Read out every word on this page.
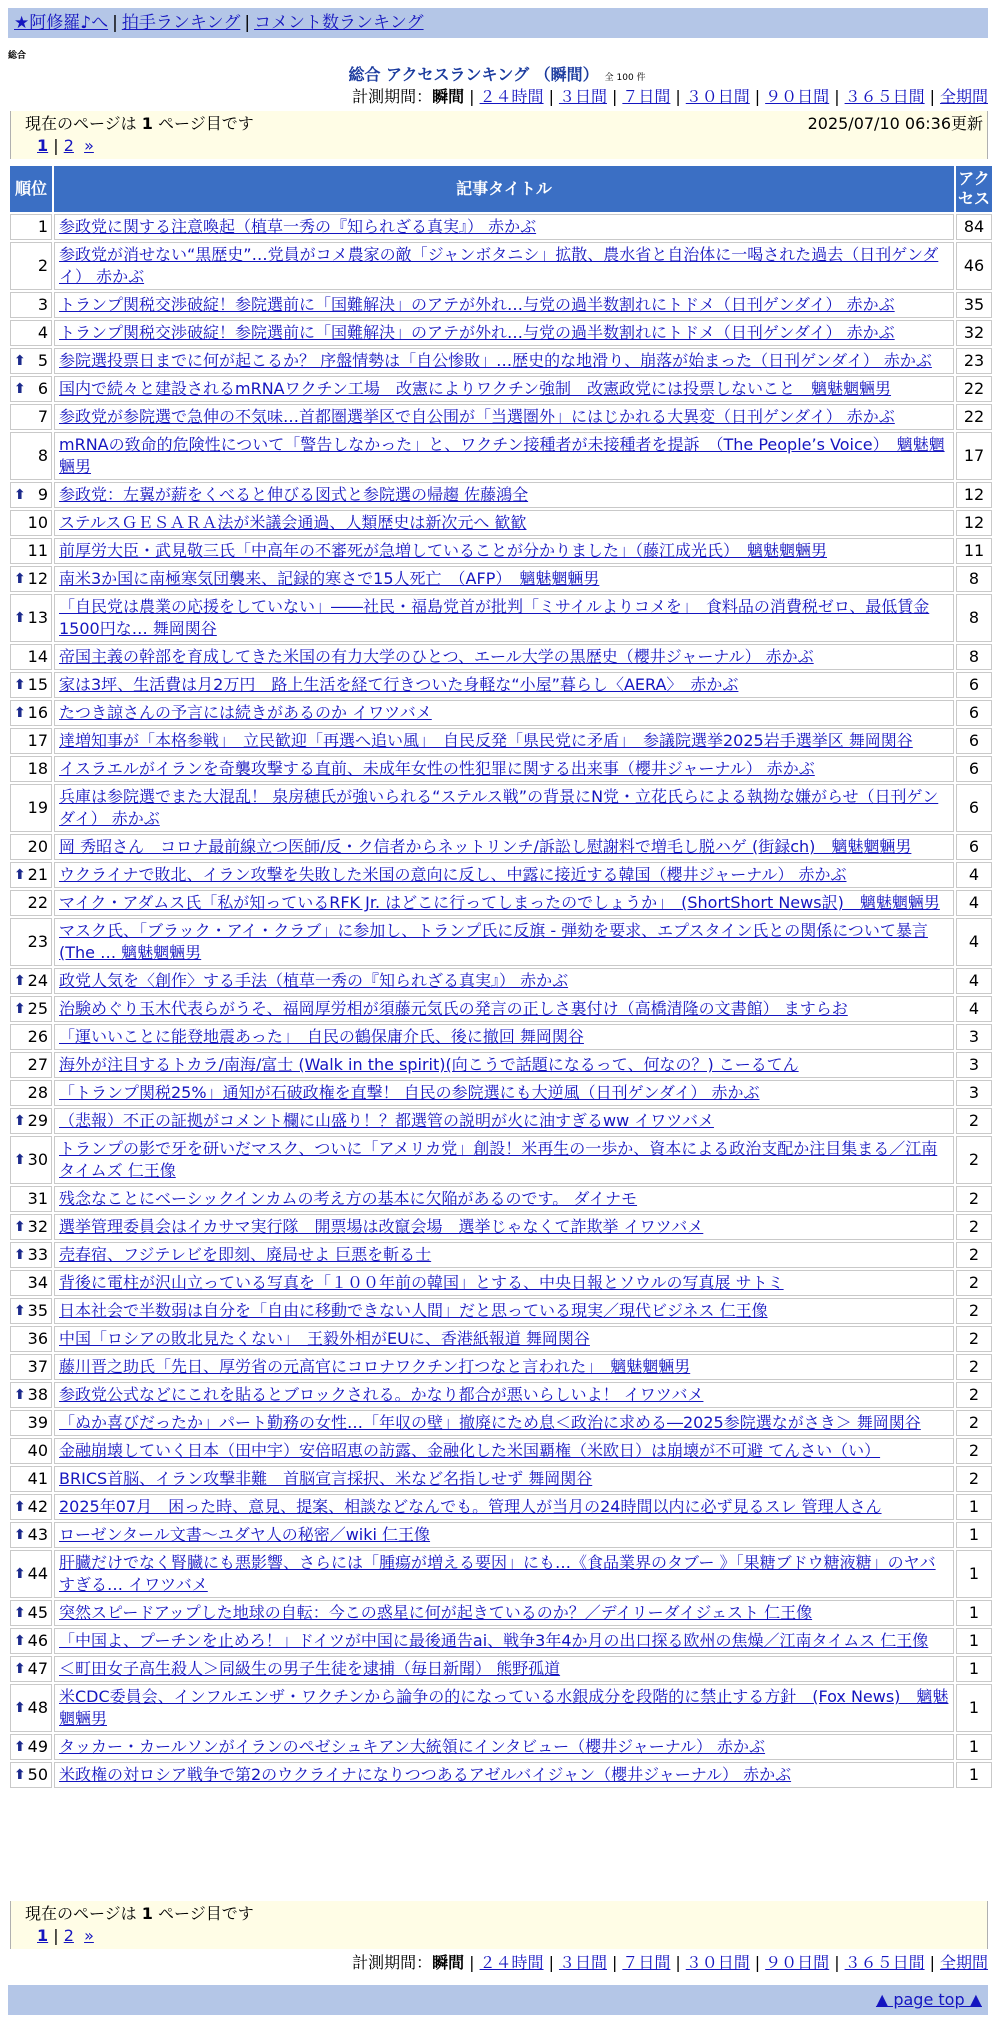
★阿修羅♪へ | 拍手ランキング | コメント数ランキング
総合
総合 アクセスランキング （瞬間） 全 100 件
計測期間：瞬間 | ２４時間 | ３日間 | ７日間 | ３０日間 | ９０日間 | ３６５日間 | 全期間
現在のページは 1 ページ目です	2025/07/10 06:36更新
1 | 2 »
順位	記事タイトル	アクセス
1	参政党に関する注意喚起（植草一秀の『知られざる真実』） 赤かぶ	84
2	参政党が消せない“黒歴史”…党員がコメ農家の敵「ジャンボタニシ」拡散、農水省と自治体に一喝された過去（日刊ゲンダイ） 赤かぶ	46
3	トランプ関税交渉破綻！参院選前に「国難解決」のアテが外れ…与党の過半数割れにトドメ（日刊ゲンダイ） 赤かぶ	35
4	トランプ関税交渉破綻！参院選前に「国難解決」のアテが外れ…与党の過半数割れにトドメ（日刊ゲンダイ） 赤かぶ	32

⬆ 5	参院選投票日までに何が起こるか？ 序盤情勢は「自公惨敗」…歴史的な地滑り、崩落が始まった（日刊ゲンダイ） 赤かぶ	23

⬆ 6	国内で続々と建設されるmRNAワクチン工場　改憲によりワクチン強制　改憲政党には投票しないこと　魑魅魍魎男	22
7	参政党が参院選で急伸の不気味…首都圏選挙区で自公围が「当選圏外」にはじかれる大異変（日刊ゲンダイ） 赤かぶ	22
8	mRNAの致命的危険性について「警告しなかった」と、ワクチン接種者が未接種者を提訴　（The People’s Voice）　魑魅魍魎男	17

⬆ 9	参政党：左翼が薪をくべると伸びる図式と参院選の帰趨 佐藤鴻全	12
10	ステルスＧＥＳＡＲＡ法が米議会通過、人類歴史は新次元へ 歓歓	12
11	前厚労大臣・武見敬三氏「中高年の不審死が急増していることが分かりました」（藤江成光氏）　魑魅魍魎男	11

⬆ 12	南米3か国に南極寒気団襲来、記録的寒さで15人死亡　（AFP）　魑魅魍魎男	8

⬆ 13	「自民党は農業の応援をしていない」――社民・福島党首が批判「ミサイルよりコメを」　食料品の消費税ゼロ、最低賃金1500円な… 舞岡関谷	8
14	帝国主義の幹部を育成してきた米国の有力大学のひとつ、エール大学の黒歴史（櫻井ジャーナル） 赤かぶ	8

⬆ 15	家は3坪、生活費は月2万円　路上生活を経て行きついた身軽な“小屋”暮らし〈AERA〉　赤かぶ	6

⬆ 16	たつき諒さんの予言には続きがあるのか イワツバメ	6
17	達増知事が「本格参戦」　立民歓迎「再選へ追い風」　自民反発「県民党に矛盾」　参議院選挙2025岩手選挙区 舞岡関谷	6
18	イスラエルがイランを奇襲攻撃する直前、未成年女性の性犯罪に関する出来事（櫻井ジャーナル） 赤かぶ	6
19	兵庫は参院選でまた大混乱！ 泉房穂氏が強いられる“ステルス戦”の背景にN党・立花氏らによる執拗な嫌がらせ（日刊ゲンダイ） 赤かぶ	6
20	岡 秀昭さん　コロナ最前線立つ医師/反・ク信者からネットリンチ/訴訟し慰謝料で増毛し脱ハゲ (街録ch)　魑魅魍魎男	6

⬆ 21	ウクライナで敗北、イラン攻撃を失敗した米国の意向に反し、中露に接近する韓国（櫻井ジャーナル） 赤かぶ	4
22	マイク・アダムス氏「私が知っているRFK Jr. はどこに行ってしまったのでしょうか」　(ShortShort News訳)　魑魅魍魎男	4
23	マスク氏、「ブラック・アイ・クラブ」に参加し、トランプ氏に反旗 - 弾劾を要求、エプスタイン氏との関係について暴言(The … 魑魅魍魎男	4

⬆ 24	政党人気を〈創作〉する手法（植草一秀の『知られざる真実』） 赤かぶ	4

⬆ 25	治験めぐり玉木代表らがうそ、福岡厚労相が須藤元気氏の発言の正しさ裏付け（高橋清隆の文書館） ますらお	4
26	「運いいことに能登地震あった」　自民の鶴保庸介氏、後に撤回 舞岡関谷	3
27	海外が注目するトカラ/南海/富士 (Walk in the spirit)(向こうで話題になるって、何なの？) こーるてん	3
28	「トランプ関税25%」通知が石破政権を直撃！ 自民の参院選にも大逆風（日刊ゲンダイ） 赤かぶ	3

⬆ 29	（悲報）不正の証拠がコメント欄に山盛り！？都選管の説明が火に油すぎるww イワツバメ	2

⬆ 30	トランプの影で牙を研いだマスク、ついに「アメリカ党」創設！米再生の一歩か、資本による政治支配か注目集まる／江南タイムズ 仁王像	2
31	残念なことにベーシックインカムの考え方の基本に欠陥があるのです。 ダイナモ	2

⬆ 32	選挙管理委員会はイカサマ実行隊　開票場は改竄会場　選挙じゃなくて詐欺挙 イワツバメ	2

⬆ 33	売春宿、フジテレビを即刻、廃局せよ 巨悪を斬る士	2
34	背後に電柱が沢山立っている写真を「１００年前の韓国」とする、中央日報とソウルの写真展 サトミ	2

⬆ 35	日本社会で半数弱は自分を「自由に移動できない人間」だと思っている現実／現代ビジネス 仁王像	2
36	中国「ロシアの敗北見たくない」　王毅外相がEUに、香港紙報道 舞岡関谷	2
37	藤川晋之助氏「先日、厚労省の元高官にコロナワクチン打つなと言われた」　魑魅魍魎男	2

⬆ 38	参政党公式などにこれを貼るとブロックされる。かなり都合が悪いらしいよ！ イワツバメ	2
39	「ぬか喜びだったか」パート勤務の女性…「年収の壁」撤廃にため息＜政治に求める―2025参院選ながさき＞ 舞岡関谷	2
40	金融崩壊していく日本（田中宇）安倍昭恵の訪露、金融化した米国覇権（米欧日）は崩壊が不可避 てんさい（い）	2
41	BRICS首脳、イラン攻撃非難　首脳宣言採択、米など名指しせず 舞岡関谷	2

⬆ 42	2025年07月　困った時、意見、提案、相談などなんでも。管理人が当月の24時間以内に必ず見るスレ 管理人さん	1

⬆ 43	ローゼンタール文書～ユダヤ人の秘密／wiki 仁王像	1

⬆ 44	肝臓だけでなく腎臓にも悪影響、さらには「腫瘍が増える要因」にも…《食品業界のタブー 》「果糖ブドウ糖液糖」のヤバすぎる… イワツバメ	1

⬆ 45	突然スピードアップした地球の自転：今この惑星に何が起きているのか？／デイリーダイジェスト 仁王像	1

⬆ 46	「中国よ、プーチンを止めろ！」ドイツが中国に最後通告ai、戦争3年4か月の出口探る欧州の焦燥／江南タイムス 仁王像	1

⬆ 47	＜町田女子高生殺人＞同級生の男子生徒を逮捕（毎日新聞） 熊野孤道	1

⬆ 48	米CDC委員会、インフルエンザ・ワクチンから論争の的になっている水銀成分を段階的に禁止する方針　(Fox News)　魑魅魍魎男	1

⬆ 49	タッカー・カールソンがイランのペゼシュキアン大統領にインタビュー（櫻井ジャーナル） 赤かぶ	1

⬆ 50	米政権の対ロシア戦争で第2のウクライナになりつつあるアゼルバイジャン（櫻井ジャーナル） 赤かぶ	1
現在のページは 1 ページ目です
1 | 2 »
計測期間：瞬間 | ２４時間 | ３日間 | ７日間 | ３０日間 | ９０日間 | ３６５日間 | 全期間
▲ page top ▲
